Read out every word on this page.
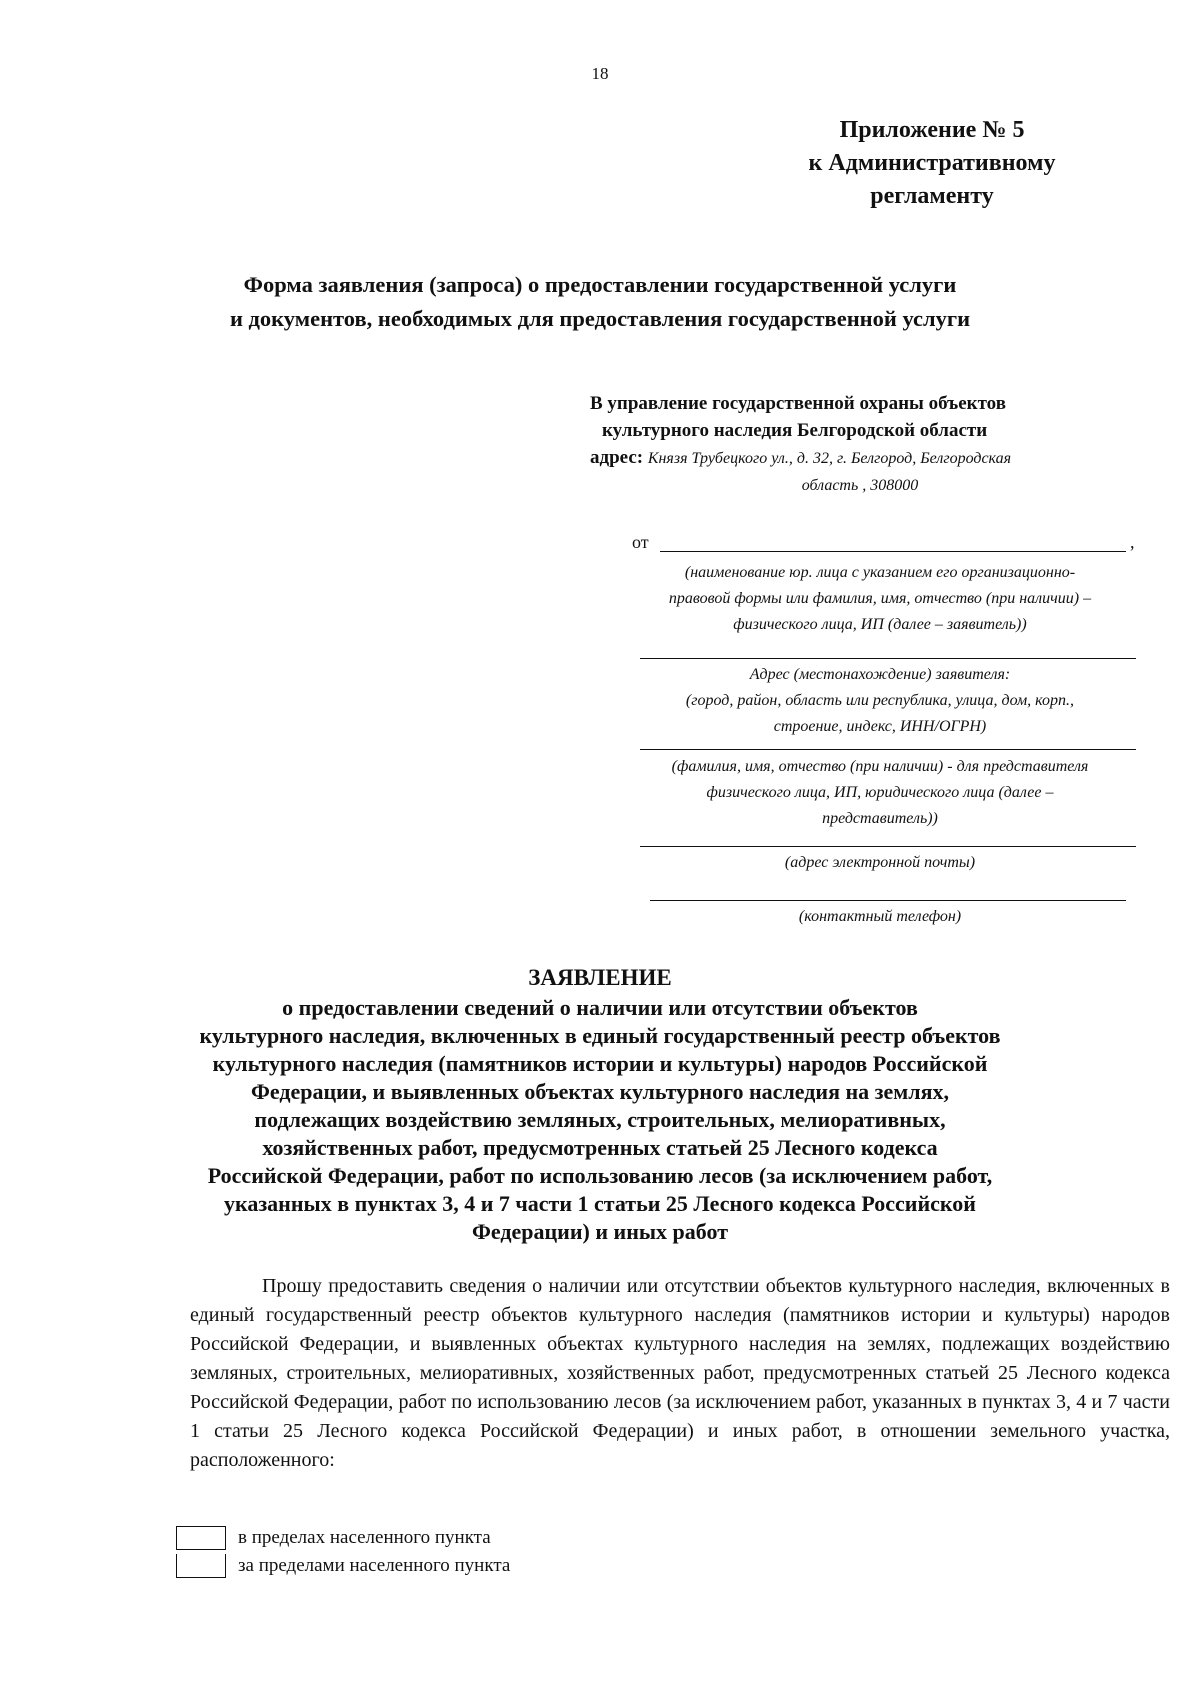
18
Приложение № 5
к Административному
регламенту
Форма заявления (запроса) о предоставлении государственной услуги
и документов, необходимых для предоставления государственной услуги
В управление государственной охраны объектов
культурного наследия Белгородской области
адрес: Князя Трубецкого ул., д. 32, г. Белгород, Белгородская
область , 308000
от	,
(наименование юр. лица с указанием его организационно-
правовой формы или фамилия, имя, отчество (при наличии) –
физического лица, ИП (далее – заявитель))
Адрес (местонахождение) заявителя:
(город, район, область или республика, улица, дом, корп.,
строение, индекс, ИНН/ОГРН)
(фамилия, имя, отчество (при наличии) - для представителя
физического лица, ИП, юридического лица (далее –
представитель))
(адрес электронной почты)
(контактный телефон)
ЗАЯВЛЕНИЕ
о предоставлении сведений о наличии или отсутствии объектов
культурного наследия, включенных в единый государственный реестр объектов
культурного наследия (памятников истории и культуры) народов Российской
Федерации, и выявленных объектах культурного наследия на землях,
подлежащих воздействию земляных, строительных, мелиоративных,
хозяйственных работ, предусмотренных статьей 25 Лесного кодекса
Российской Федерации, работ по использованию лесов (за исключением работ,
указанных в пунктах 3, 4 и 7 части 1 статьи 25 Лесного кодекса Российской
Федерации) и иных работ

Прошу предоставить сведения о наличии или отсутствии объектов культурного наследия, включенных в единый государственный реестр объектов культурного наследия (памятников истории и культуры) народов Российской Федерации, и выявленных объектах культурного наследия на землях, подлежащих воздействию земляных, строительных, мелиоративных, хозяйственных работ, предусмотренных статьей 25 Лесного кодекса Российской Федерации, работ по использованию лесов (за исключением работ, указанных в пунктах 3, 4 и 7 части 1 статьи 25 Лесного кодекса Российской Федерации) и иных работ, в отношении земельного участка, расположенного:

в пределах населенного пункта
за пределами населенного пункта
